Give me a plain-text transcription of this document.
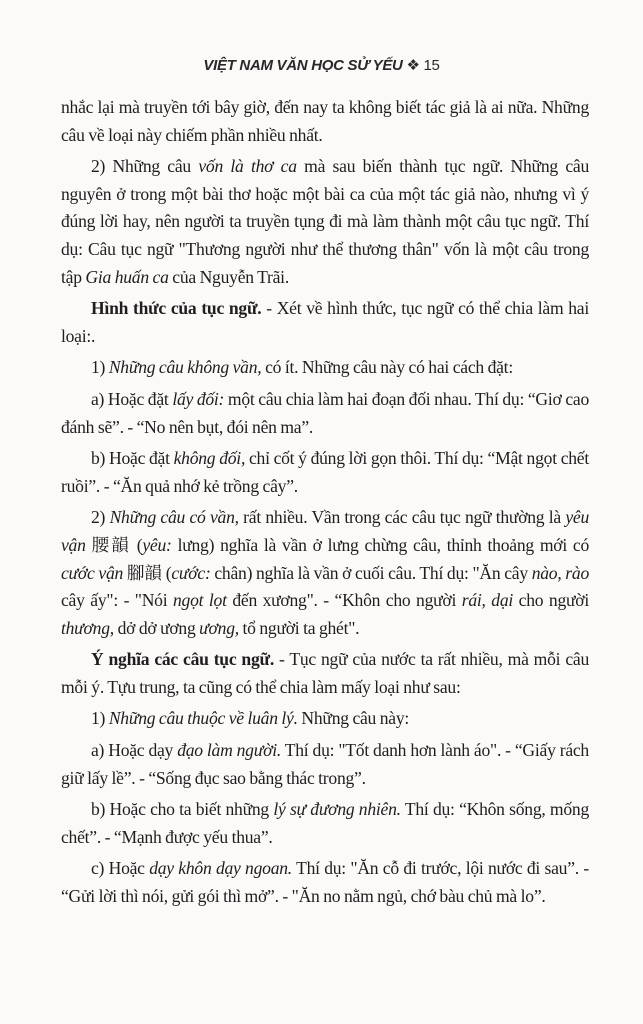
VIỆT NAM VĂN HỌC SỬ YẾU ❖ 15

nhắc lại mà truyền tới bây giờ, đến nay ta không biết tác giả là ai nữa. Những câu về loại này chiếm phần nhiều nhất.

2) Những câu vốn là thơ ca mà sau biến thành tục ngữ. Những câu nguyên ở trong một bài thơ hoặc một bài ca của một tác giả nào, nhưng vì ý đúng lời hay, nên người ta truyền tụng đi mà làm thành một câu tục ngữ. Thí dụ: Câu tục ngữ "Thương người như thể thương thân" vốn là một câu trong tập Gia huấn ca của Nguyễn Trãi.

Hình thức của tục ngữ. - Xét về hình thức, tục ngữ có thể chia làm hai loại:.

1) Những câu không vần, có ít. Những câu này có hai cách đặt:

a) Hoặc đặt lấy đối: một câu chia làm hai đoạn đối nhau. Thí dụ: “Giơ cao đánh sẽ”. - “No nên bụt, đói nên ma”.

b) Hoặc đặt không đối, chỉ cốt ý đúng lời gọn thôi. Thí dụ: “Mật ngọt chết ruồi”. - “Ăn quả nhớ kẻ trồng cây”.

2) Những câu có vần, rất nhiều. Vần trong các câu tục ngữ thường là yêu vận 腰韻 (yêu: lưng) nghĩa là vần ở lưng chừng câu, thỉnh thoảng mới có cước vận 腳韻 (cước: chân) nghĩa là vần ở cuối câu. Thí dụ: "Ăn cây nào, rào cây ấy": - "Nói ngọt lọt đến xương". - “Khôn cho người rái, dại cho người thương, dở dở ương ương, tổ người ta ghét".

Ý nghĩa các câu tục ngữ. - Tục ngữ của nước ta rất nhiều, mà mỗi câu mỗi ý. Tựu trung, ta cũng có thể chia làm mấy loại như sau:

1) Những câu thuộc về luân lý. Những câu này:

a) Hoặc dạy đạo làm người. Thí dụ: "Tốt danh hơn lành áo". - “Giấy rách giữ lấy lề”. - “Sống đục sao bằng thác trong”.

b) Hoặc cho ta biết những lý sự đương nhiên. Thí dụ: “Khôn sống, mống chết”. - “Mạnh được yếu thua”.

c) Hoặc dạy khôn dạy ngoan. Thí dụ: "Ăn cỗ đi trước, lội nước đi sau”. - “Gửi lời thì nói, gửi gói thì mở”. - "Ăn no nằm ngủ, chớ bàu chủ mà lo”.
